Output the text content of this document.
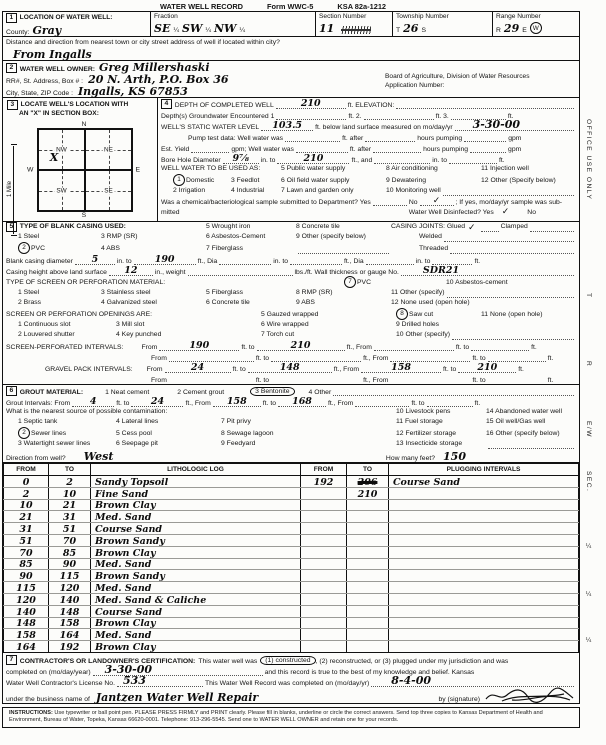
WATER WELL RECORD	Form WWC-5	KSA 82a-1212
1 LOCATION OF WATER WELL:
County: Gray
Fraction
SE ¼ SW ¼ NW ¼
Section Number
11
Township Number
T 26 S
Range Number
R 29 E W
Distance and direction from nearest town or city street address of well if located within city?
From Ingalls
2 WATER WELL OWNER: Greg Millershaski
RR#, St. Address, Box # : 20 N. Arth, P.O. Box 36
City, State, ZIP Code : Ingalls, KS 67853
Board of Agriculture, Division of Water Resources
Application Number:
3 LOCATE WELL'S LOCATION WITH
AN "X" IN SECTION BOX:
1 Mile
N
W	E
NW
X
NE
SW	SE
S
4 DEPTH OF COMPLETED WELL	210	ft. ELEVATION:
Depth(s) Groundwater Encountered 1	ft. 2.	ft. 3.	ft.
WELL'S STATIC WATER LEVEL 103.5 ft. below land surface measured on mo/day/yr 3-30-00
Pump test data: Well water was	ft. after	hours pumping	gpm
Est. Yield	gpm; Well water was	ft. after	hours pumping	gpm
Bore Hole Diameter 9⅞ in. to	210	ft., and	in. to	ft.
WELL WATER TO BE USED AS:	5 Public water supply	8 Air conditioning	11 Injection well
1 Domestic 3 Feedlot	6 Oil field water supply	9 Dewatering	12 Other (Specify below)
2 Irrigation	4 Industrial	7 Lawn and garden only	10 Monitoring well
Was a chemical/bacteriological sample submitted to Department? Yes	No ✓ ; If yes, mo/day/yr sample was sub-
mitted	Water Well Disinfected? Yes ✓	No
5 TYPE OF BLANK CASING USED:	5 Wrought iron	8 Concrete tile	CASING JOINTS: Glued ✓	Clamped
1 Steel	3 RMP (SR)	6 Asbestos-Cement	9 Other (specify below)	Welded
2 PVC	4 ABS	7 Fiberglass	Threaded
Blank casing diameter 5	in. to 190	ft., Dia	in. to	ft., Dia	in. to	ft.
Casing height above land surface 12	in., weight	lbs./ft. Wall thickness or gauge No.	SDR21
TYPE OF SCREEN OR PERFORATION MATERIAL:	7 PVC	10 Asbestos-cement
1 Steel	3 Stainless steel	5 Fiberglass	8 RMP (SR)	11 Other (specify)
2 Brass	4 Galvanized steel	6 Concrete tile	9 ABS	12 None used (open hole)
SCREEN OR PERFORATION OPENINGS ARE:	5 Gauzed wrapped	8 Saw cut	11 None (open hole)
1 Continuous slot	3 Mill slot	6 Wire wrapped	9 Drilled holes
2 Louvered shutter	4 Key punched	7 Torch cut	10 Other (specify)
SCREEN-PERFORATED INTERVALS:	From	190	ft. to	210	ft., From	ft. to	ft.
From	ft. to	ft., From	ft. to	ft.
GRAVEL PACK INTERVALS: From	24	ft. to	148	ft., From	158	ft. to 210	ft.
From	ft. to	ft., From	ft. to	ft.
6 GROUT MATERIAL:	1 Neat cement	2 Cement grout	3 Bentonite	4 Other
Grout Intervals: From 4	ft. to 24	ft., From 158 ft. to 168 ft., From	ft. to	ft.
What is the nearest source of possible contamination:	10 Livestock pens	14 Abandoned water well
1 Septic tank	4 Lateral lines	7 Pit privy	11 Fuel storage	15 Oil well/Gas well
2 Sewer lines	5 Cess pool	8 Sewage lagoon	12 Fertilizer storage	16 Other (specify below)
3 Watertight sewer lines	6 Seepage pit	9 Feedyard	13 Insecticide storage
Direction from well? West	How many feet? 150
FROM	TO	LITHOLOGIC LOG	FROM	TO	PLUGGING INTERVALS
0	2	Sandy Topsoil	192	206	Course Sand
2	10	Fine Sand		210	
10	21	Brown Clay			
21	31	Med. Sand			
31	51	Course Sand			
51	70	Brown Sandy			
70	85	Brown Clay			
85	90	Med. Sand			
90	115	Brown Sandy			
115	120	Med. Sand			
120	140	Med. Sand & Caliche			
140	148	Course Sand			
148	158	Brown Clay			
158	164	Med. Sand			
164	192	Brown Clay			
7 CONTRACTOR'S OR LANDOWNER'S CERTIFICATION: This water well was	(1) constructed , (2) reconstructed, or (3) plugged under my jurisdiction and was
completed on (mo/day/year) 3-30-00	and this record is true to the best of my knowledge and belief. Kansas
Water Well Contractor's License No. 533	This Water Well Record was completed on (mo/day/yr) 8-4-00
under the business name of Jantzen Water Well Repair	by (signature)
INSTRUCTIONS: Use typewriter or ball point pen. PLEASE PRESS FIRMLY and PRINT clearly. Please fill in blanks, underline or circle the correct answers. Send top three copies to Kansas Department of Health and Environment, Bureau of Water, Topeka, Kansas 66620-0001. Telephone: 913-296-5545. Send one to WATER WELL OWNER and retain one for your records.
OFFICE USE ONLY
T
R
E/W
SEC.
¼
¼
¼
